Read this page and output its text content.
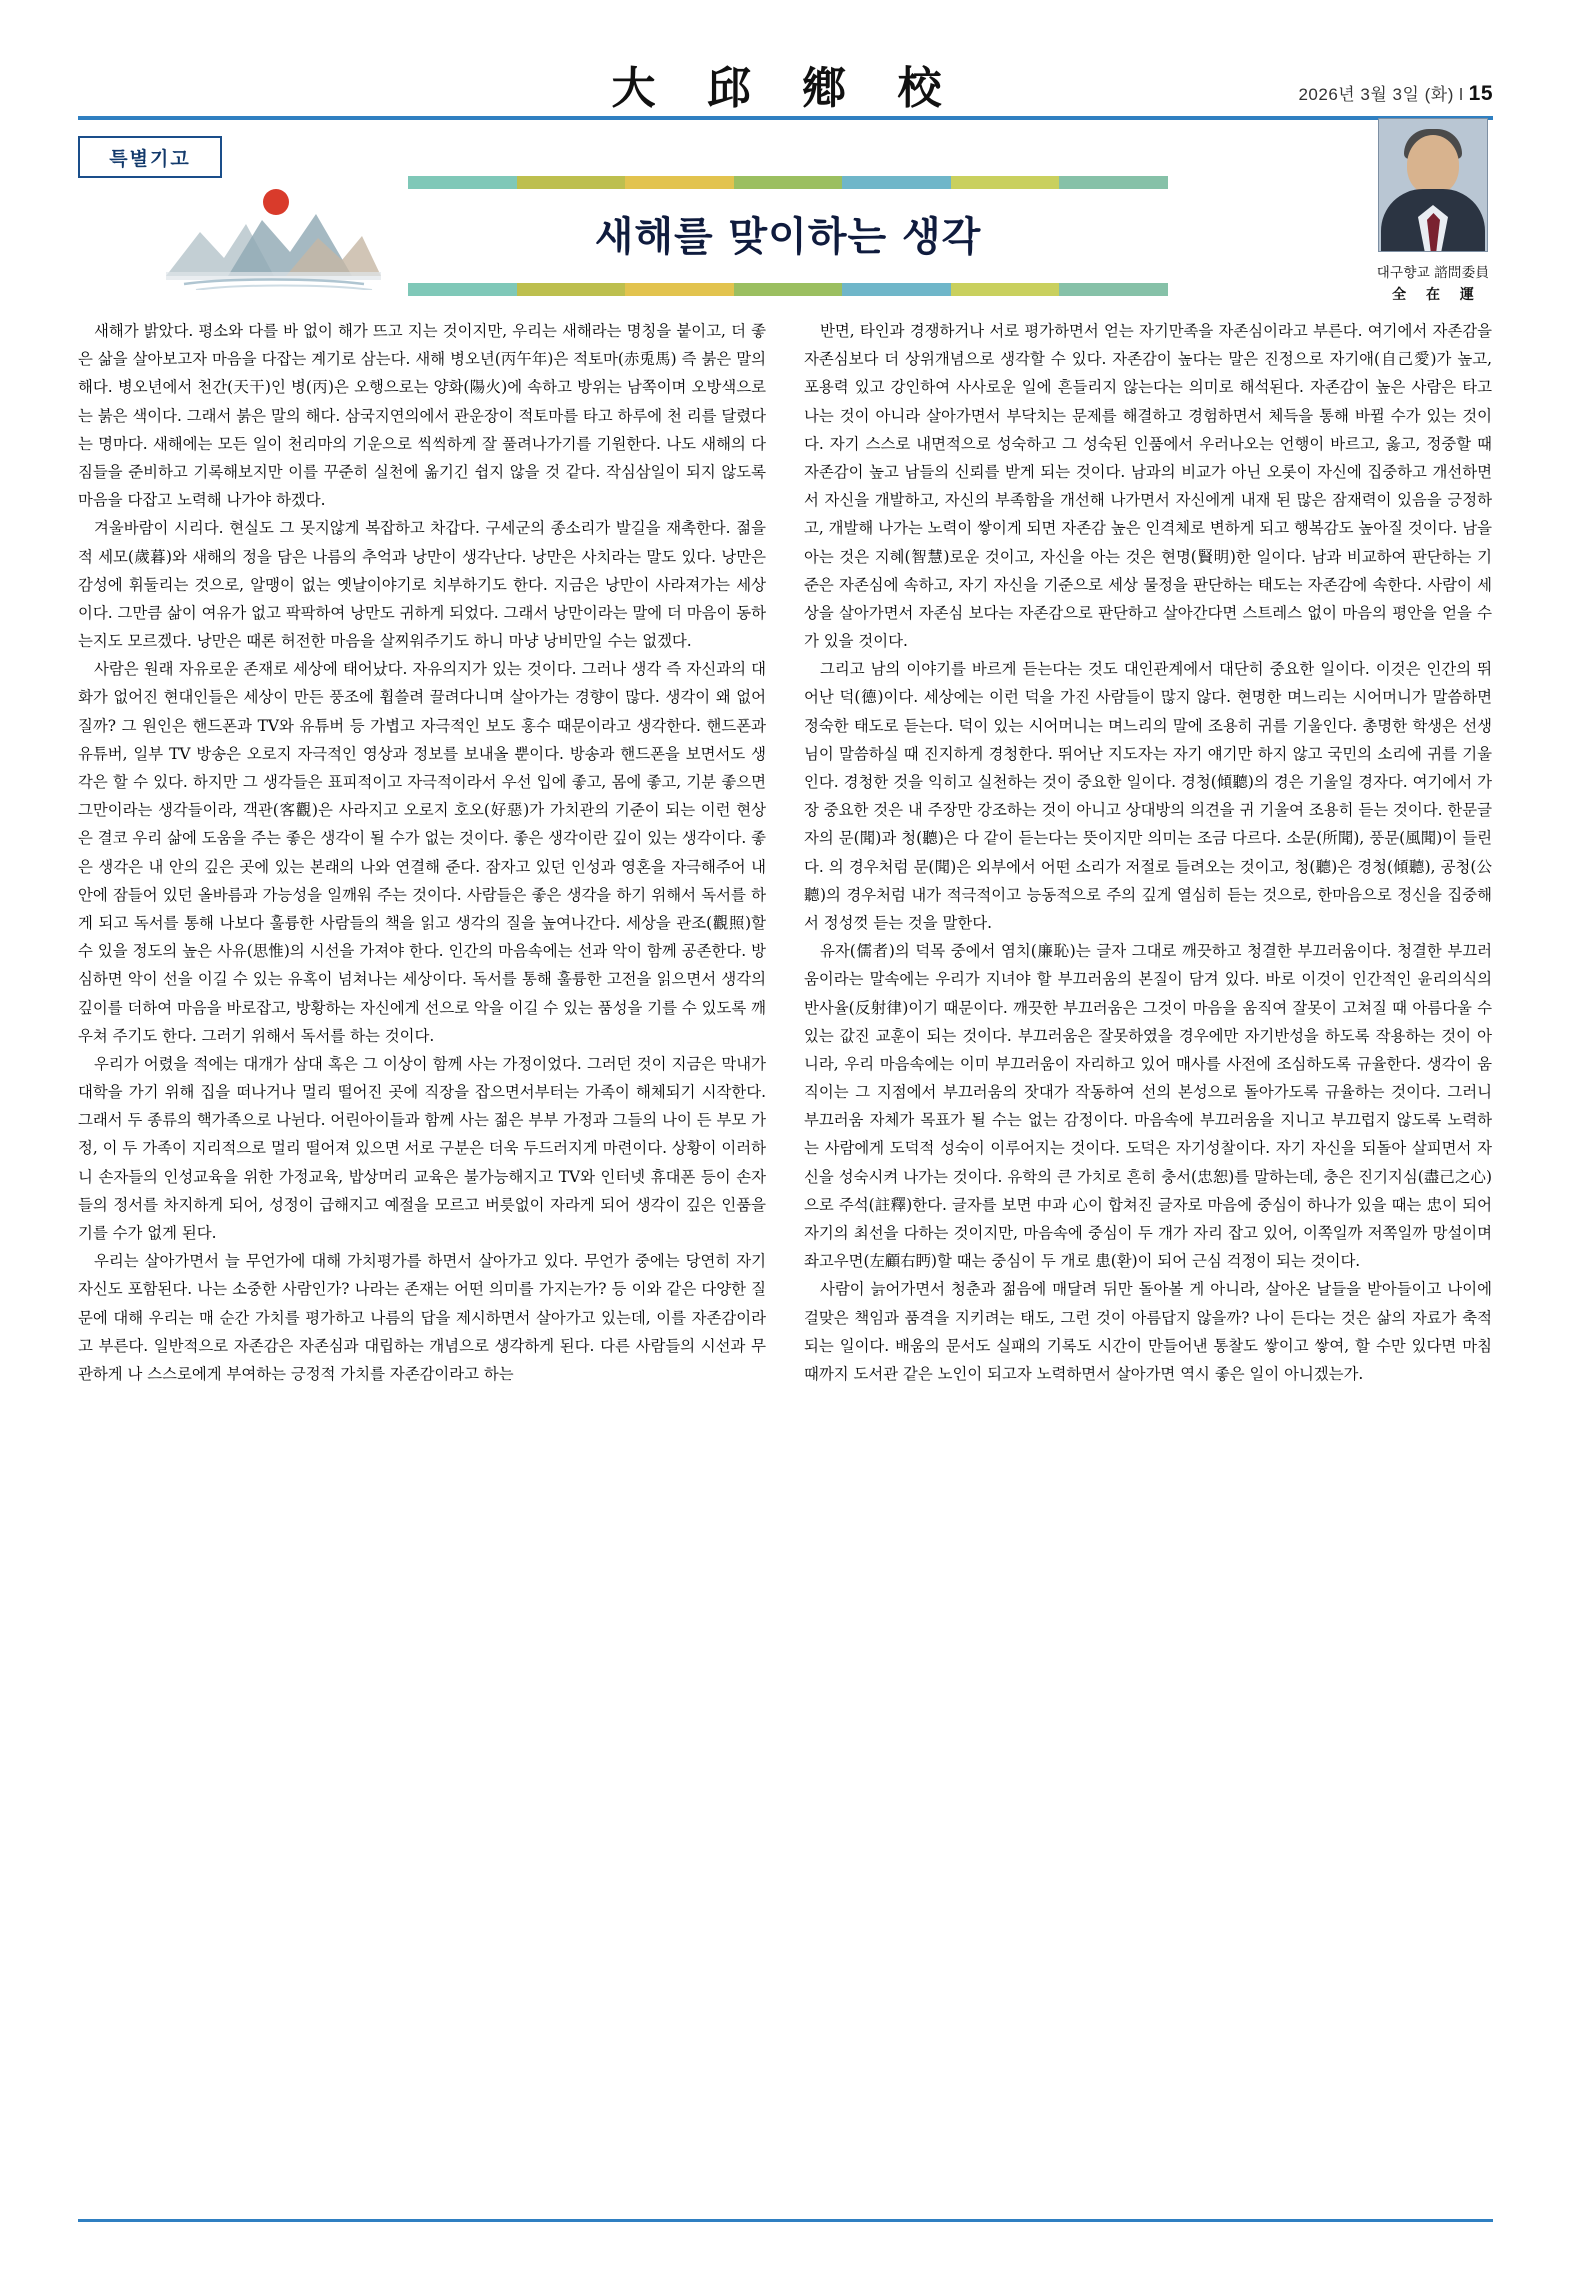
大 邱 鄕 校	2026년 3월 3일 (화) l 15
특별기고
새해를 맞이하는 생각
대구향교 諮問委員
全 在 運

새해가 밝았다. 평소와 다를 바 없이 해가 뜨고 지는 것이지만, 우리는 새해라는 명칭을 붙이고, 더 좋은 삶을 살아보고자 마음을 다잡는 계기로 삼는다. 새해 병오년(丙午年)은 적토마(赤兎馬) 즉 붉은 말의 해다. 병오년에서 천간(天干)인 병(丙)은 오행으로는 양화(陽火)에 속하고 방위는 남쪽이며 오방색으로는 붉은 색이다. 그래서 붉은 말의 해다. 삼국지연의에서 관운장이 적토마를 타고 하루에 천 리를 달렸다는 명마다. 새해에는 모든 일이 천리마의 기운으로 씩씩하게 잘 풀려나가기를 기원한다. 나도 새해의 다짐들을 준비하고 기록해보지만 이를 꾸준히 실천에 옮기긴 쉽지 않을 것 같다. 작심삼일이 되지 않도록 마음을 다잡고 노력해 나가야 하겠다.

겨울바람이 시리다. 현실도 그 못지않게 복잡하고 차갑다. 구세군의 종소리가 발길을 재촉한다. 젊을 적 세모(歲暮)와 새해의 정을 담은 나름의 추억과 낭만이 생각난다. 낭만은 사치라는 말도 있다. 낭만은 감성에 휘둘리는 것으로, 알맹이 없는 옛날이야기로 치부하기도 한다. 지금은 낭만이 사라져가는 세상이다. 그만큼 삶이 여유가 없고 팍팍하여 낭만도 귀하게 되었다. 그래서 낭만이라는 말에 더 마음이 동하는지도 모르겠다. 낭만은 때론 허전한 마음을 살찌워주기도 하니 마냥 낭비만일 수는 없겠다.

사람은 원래 자유로운 존재로 세상에 태어났다. 자유의지가 있는 것이다. 그러나 생각 즉 자신과의 대화가 없어진 현대인들은 세상이 만든 풍조에 휩쓸려 끌려다니며 살아가는 경향이 많다. 생각이 왜 없어질까? 그 원인은 핸드폰과 TV와 유튜버 등 가볍고 자극적인 보도 홍수 때문이라고 생각한다. 핸드폰과 유튜버, 일부 TV 방송은 오로지 자극적인 영상과 정보를 보내올 뿐이다. 방송과 핸드폰을 보면서도 생각은 할 수 있다. 하지만 그 생각들은 표피적이고 자극적이라서 우선 입에 좋고, 몸에 좋고, 기분 좋으면 그만이라는 생각들이라, 객관(客觀)은 사라지고 오로지 호오(好惡)가 가치관의 기준이 되는 이런 현상은 결코 우리 삶에 도움을 주는 좋은 생각이 될 수가 없는 것이다. 좋은 생각이란 깊이 있는 생각이다. 좋은 생각은 내 안의 깊은 곳에 있는 본래의 나와 연결해 준다. 잠자고 있던 인성과 영혼을 자극해주어 내 안에 잠들어 있던 올바름과 가능성을 일깨워 주는 것이다. 사람들은 좋은 생각을 하기 위해서 독서를 하게 되고 독서를 통해 나보다 훌륭한 사람들의 책을 읽고 생각의 질을 높여나간다. 세상을 관조(觀照)할 수 있을 정도의 높은 사유(思惟)의 시선을 가져야 한다. 인간의 마음속에는 선과 악이 함께 공존한다. 방심하면 악이 선을 이길 수 있는 유혹이 넘쳐나는 세상이다. 독서를 통해 훌륭한 고전을 읽으면서 생각의 깊이를 더하여 마음을 바로잡고, 방황하는 자신에게 선으로 악을 이길 수 있는 품성을 기를 수 있도록 깨우쳐 주기도 한다. 그러기 위해서 독서를 하는 것이다.

우리가 어렸을 적에는 대개가 삼대 혹은 그 이상이 함께 사는 가정이었다. 그러던 것이 지금은 막내가 대학을 가기 위해 집을 떠나거나 멀리 떨어진 곳에 직장을 잡으면서부터는 가족이 해체되기 시작한다. 그래서 두 종류의 핵가족으로 나뉜다. 어린아이들과 함께 사는 젊은 부부 가정과 그들의 나이 든 부모 가정, 이 두 가족이 지리적으로 멀리 떨어져 있으면 서로 구분은 더욱 두드러지게 마련이다. 상황이 이러하니 손자들의 인성교육을 위한 가정교육, 밥상머리 교육은 불가능해지고 TV와 인터넷 휴대폰 등이 손자들의 정서를 차지하게 되어, 성정이 급해지고 예절을 모르고 버릇없이 자라게 되어 생각이 깊은 인품을 기를 수가 없게 된다.

우리는 살아가면서 늘 무언가에 대해 가치평가를 하면서 살아가고 있다. 무언가 중에는 당연히 자기 자신도 포함된다. 나는 소중한 사람인가? 나라는 존재는 어떤 의미를 가지는가? 등 이와 같은 다양한 질문에 대해 우리는 매 순간 가치를 평가하고 나름의 답을 제시하면서 살아가고 있는데, 이를 자존감이라고 부른다. 일반적으로 자존감은 자존심과 대립하는 개념으로 생각하게 된다. 다른 사람들의 시선과 무관하게 나 스스로에게 부여하는 긍정적 가치를 자존감이라고 하는

반면, 타인과 경쟁하거나 서로 평가하면서 얻는 자기만족을 자존심이라고 부른다. 여기에서 자존감을 자존심보다 더 상위개념으로 생각할 수 있다. 자존감이 높다는 말은 진정으로 자기애(自己愛)가 높고, 포용력 있고 강인하여 사사로운 일에 흔들리지 않는다는 의미로 해석된다. 자존감이 높은 사람은 타고나는 것이 아니라 살아가면서 부닥치는 문제를 해결하고 경험하면서 체득을 통해 바뀔 수가 있는 것이다. 자기 스스로 내면적으로 성숙하고 그 성숙된 인품에서 우러나오는 언행이 바르고, 옳고, 정중할 때 자존감이 높고 남들의 신뢰를 받게 되는 것이다. 남과의 비교가 아닌 오롯이 자신에 집중하고 개선하면서 자신을 개발하고, 자신의 부족함을 개선해 나가면서 자신에게 내재 된 많은 잠재력이 있음을 긍정하고, 개발해 나가는 노력이 쌓이게 되면 자존감 높은 인격체로 변하게 되고 행복감도 높아질 것이다. 남을 아는 것은 지혜(智慧)로운 것이고, 자신을 아는 것은 현명(賢明)한 일이다. 남과 비교하여 판단하는 기준은 자존심에 속하고, 자기 자신을 기준으로 세상 물정을 판단하는 태도는 자존감에 속한다. 사람이 세상을 살아가면서 자존심 보다는 자존감으로 판단하고 살아간다면 스트레스 없이 마음의 평안을 얻을 수가 있을 것이다.

그리고 남의 이야기를 바르게 듣는다는 것도 대인관계에서 대단히 중요한 일이다. 이것은 인간의 뛰어난 덕(德)이다. 세상에는 이런 덕을 가진 사람들이 많지 않다. 현명한 며느리는 시어머니가 말씀하면 정숙한 태도로 듣는다. 덕이 있는 시어머니는 며느리의 말에 조용히 귀를 기울인다. 총명한 학생은 선생님이 말씀하실 때 진지하게 경청한다. 뛰어난 지도자는 자기 얘기만 하지 않고 국민의 소리에 귀를 기울인다. 경청한 것을 익히고 실천하는 것이 중요한 일이다. 경청(傾聽)의 경은 기울일 경자다. 여기에서 가장 중요한 것은 내 주장만 강조하는 것이 아니고 상대방의 의견을 귀 기울여 조용히 듣는 것이다. 한문글자의 문(聞)과 청(聽)은 다 같이 듣는다는 뜻이지만 의미는 조금 다르다. 소문(所聞), 풍문(風聞)이 들린다. 의 경우처럼 문(聞)은 외부에서 어떤 소리가 저절로 들려오는 것이고, 청(聽)은 경청(傾聽), 공청(公聽)의 경우처럼 내가 적극적이고 능동적으로 주의 깊게 열심히 듣는 것으로, 한마음으로 정신을 집중해서 정성껏 듣는 것을 말한다.

유자(儒者)의 덕목 중에서 염치(廉恥)는 글자 그대로 깨끗하고 청결한 부끄러움이다. 청결한 부끄러움이라는 말속에는 우리가 지녀야 할 부끄러움의 본질이 담겨 있다. 바로 이것이 인간적인 윤리의식의 반사율(反射律)이기 때문이다. 깨끗한 부끄러움은 그것이 마음을 움직여 잘못이 고쳐질 때 아름다울 수 있는 값진 교훈이 되는 것이다. 부끄러움은 잘못하였을 경우에만 자기반성을 하도록 작용하는 것이 아니라, 우리 마음속에는 이미 부끄러움이 자리하고 있어 매사를 사전에 조심하도록 규율한다. 생각이 움직이는 그 지점에서 부끄러움의 잣대가 작동하여 선의 본성으로 돌아가도록 규율하는 것이다. 그러니 부끄러움 자체가 목표가 될 수는 없는 감정이다. 마음속에 부끄러움을 지니고 부끄럽지 않도록 노력하는 사람에게 도덕적 성숙이 이루어지는 것이다. 도덕은 자기성찰이다. 자기 자신을 되돌아 살피면서 자신을 성숙시켜 나가는 것이다. 유학의 큰 가치로 흔히 충서(忠恕)를 말하는데, 충은 진기지심(盡己之心)으로 주석(註釋)한다. 글자를 보면 中과 心이 합쳐진 글자로 마음에 중심이 하나가 있을 때는 忠이 되어 자기의 최선을 다하는 것이지만, 마음속에 중심이 두 개가 자리 잡고 있어, 이쪽일까 저쪽일까 망설이며 좌고우면(左顧右眄)할 때는 중심이 두 개로 患(환)이 되어 근심 걱정이 되는 것이다.

사람이 늙어가면서 청춘과 젊음에 매달려 뒤만 돌아볼 게 아니라, 살아온 날들을 받아들이고 나이에 걸맞은 책임과 품격을 지키려는 태도, 그런 것이 아름답지 않을까? 나이 든다는 것은 삶의 자료가 축적되는 일이다. 배움의 문서도 실패의 기록도 시간이 만들어낸 통찰도 쌓이고 쌓여, 할 수만 있다면 마침 때까지 도서관 같은 노인이 되고자 노력하면서 살아가면 역시 좋은 일이 아니겠는가.
